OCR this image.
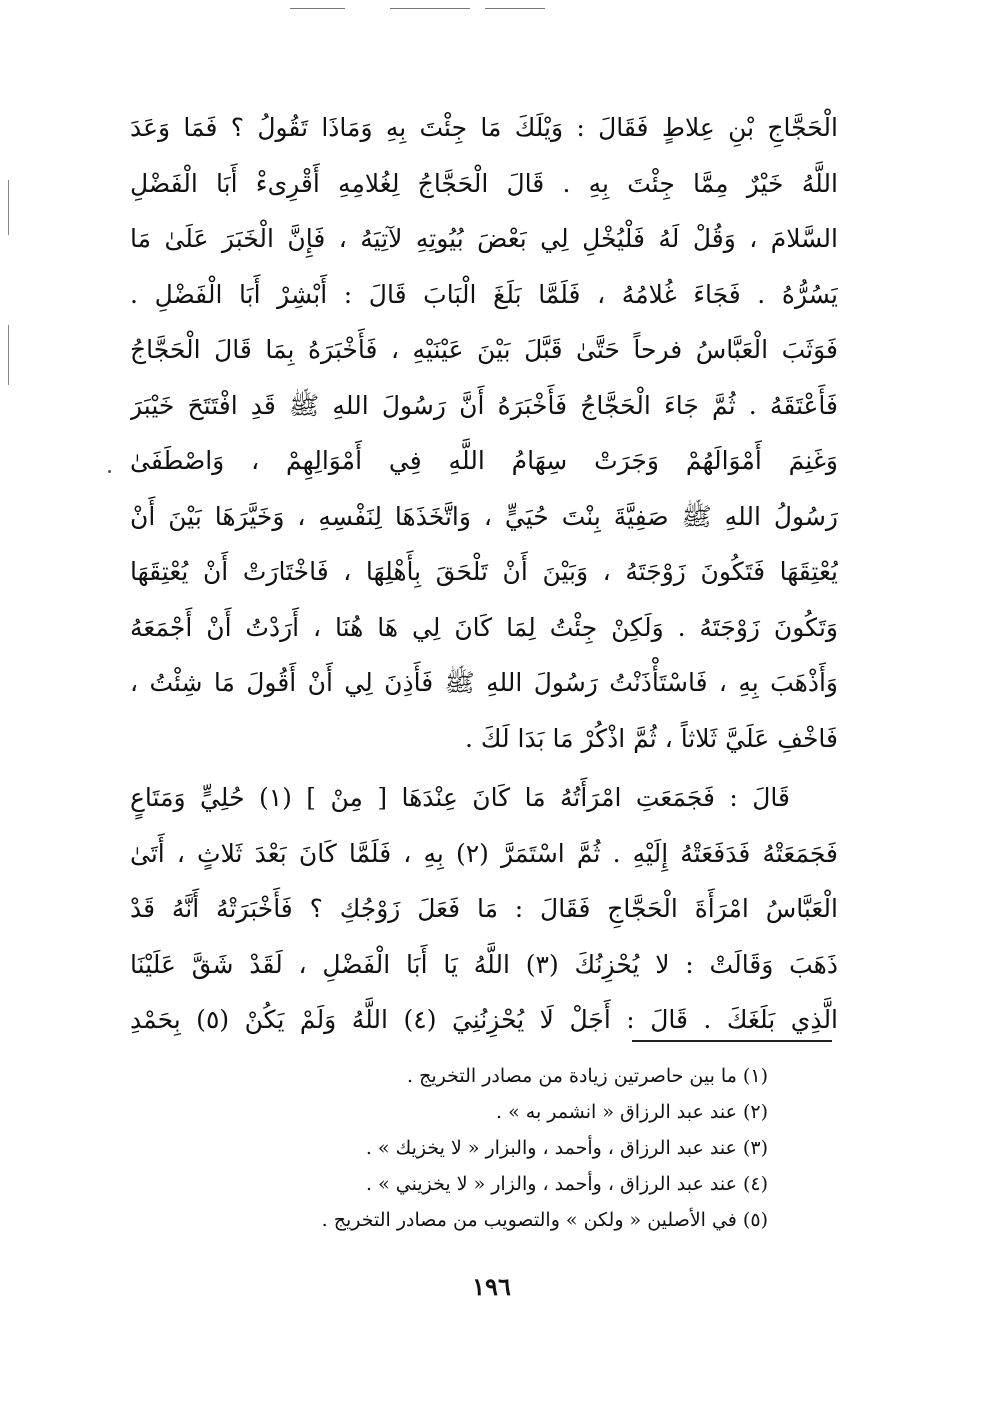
الْحَجَّاجِ بْنِ عِلاطٍ فَقَالَ : وَيْلَكَ مَا جِئْتَ بِهِ وَمَاذَا تَقُولُ ؟ فَمَا وَعَدَ
اللَّهُ خَيْرٌ مِمَّا جِئْتَ بِهِ . قَالَ الْحَجَّاجُ لِغُلامِهِ أَقْرِىءْ أَبَا الْفَضْلِ
السَّلامَ ، وَقُلْ لَهُ فَلْيُخْلِ لِي بَعْضَ بُيُوتِهِ لآتِيَهُ ، فَإِنَّ الْخَبَرَ عَلَىٰ مَا
يَسُرُّهُ . فَجَاءَ غُلامُهُ ، فَلَمَّا بَلَغَ الْبَابَ قَالَ : أَبْشِرْ أَبَا الْفَضْلِ .
فَوَثَبَ الْعَبَّاسُ فرحاً حَتَّىٰ قَبَّلَ بَيْنَ عَيْنَيْهِ ، فَأَخْبَرَهُ بِمَا قَالَ الْحَجَّاجُ
فَأَعْتَقَهُ . ثُمَّ جَاءَ الْحَجَّاجُ فَأَخْبَرَهُ أَنَّ رَسُولَ اللهِ ﷺ قَدِ افْتَتَحَ خَيْبَرَ
وَغَنِمَ أَمْوَالَهُمْ وَجَرَتْ سِهَامُ اللَّهِ فِي أَمْوَالِهِمْ ، وَاصْطَفَىٰ
رَسُولُ اللهِ ﷺ صَفِيَّةَ بِنْتَ حُيَيٍّ ، وَاتَّخَذَهَا لِنَفْسِهِ ، وَخَيَّرَهَا بَيْنَ أَنْ
يُعْتِقَهَا فَتَكُونَ زَوْجَتَهُ ، وَبَيْنَ أَنْ تَلْحَقَ بِأَهْلِهَا ، فَاخْتَارَتْ أَنْ يُعْتِقَهَا
وَتَكُونَ زَوْجَتَهُ . وَلَكِنْ جِئْتُ لِمَا كَانَ لِي هَا هُنَا ، أَرَدْتُ أَنْ أَجْمَعَهُ
وَأَذْهَبَ بِهِ ، فَاسْتَأْذَنْتُ رَسُولَ اللهِ ﷺ فَأَذِنَ لِي أَنْ أَقُولَ مَا شِئْتُ ،
فَاخْفِ عَلَيَّ ثَلاثاً ، ثُمَّ اذْكُرْ مَا بَدَا لَكَ .
قَالَ : فَجَمَعَتِ امْرَأَتُهُ مَا كَانَ عِنْدَهَا [ مِنْ ] (١) حُلِيٍّ وَمَتَاعٍ
فَجَمَعَتْهُ فَدَفَعَتْهُ إِلَيْهِ . ثُمَّ اسْتَمَرَّ (٢) بِهِ ، فَلَمَّا كَانَ بَعْدَ ثَلاثٍ ، أَتَىٰ
الْعَبَّاسُ امْرَأَةَ الْحَجَّاجِ فَقَالَ : مَا فَعَلَ زَوْجُكِ ؟ فَأَخْبَرَتْهُ أَنَّهُ قَدْ
ذَهَبَ وَقَالَتْ : لا يُحْزِنُكَ (٣) اللَّهُ يَا أَبَا الْفَضْلِ ، لَقَدْ شَقَّ عَلَيْنَا
الَّذِي بَلَغَكَ . قَالَ : أَجَلْ لَا يُحْزِنُنِيَ (٤) اللَّهُ وَلَمْ يَكُنْ (٥) بِحَمْدِ
(١) ما بين حاصرتين زيادة من مصادر التخريج .
(٢) عند عبد الرزاق « انشمر به » .
(٣) عند عبد الرزاق ، وأحمد ، والبزار « لا يخزيك » .
(٤) عند عبد الرزاق ، وأحمد ، والزار « لا يخزيني » .
(٥) في الأصلين « ولكن » والتصويب من مصادر التخريج .
١٩٦
